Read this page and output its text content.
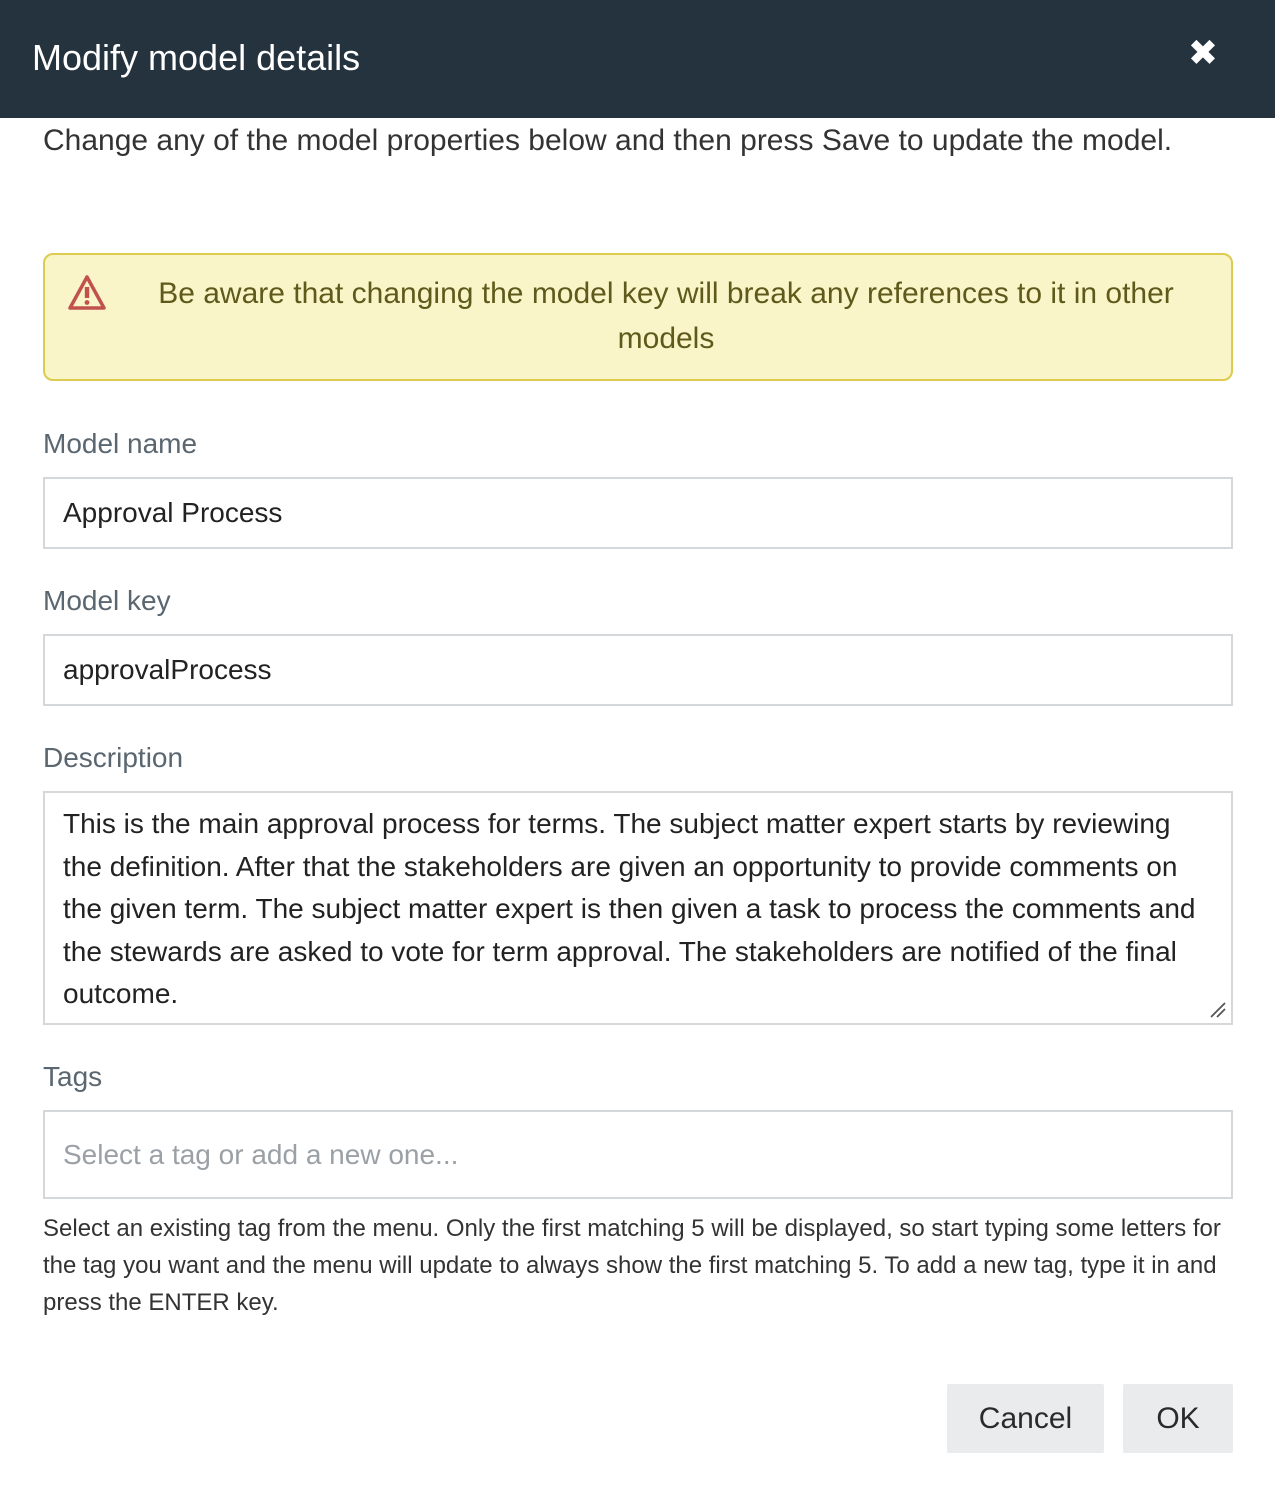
Modify model details	✖
Change any of the model properties below and then press Save to update the model.
Be aware that changing the model key will break any references to it in other models
Model name
Approval Process
Model key
approvalProcess
Description
This is the main approval process for terms. The subject matter expert starts by reviewing the definition. After that the stakeholders are given an opportunity to provide comments on the given term. The subject matter expert is then given a task to process the comments and the stewards are asked to vote for term approval. The stakeholders are notified of the final outcome.
Tags
Select a tag or add a new one...
Select an existing tag from the menu. Only the first matching 5 will be displayed, so start typing some letters for the tag you want and the menu will update to always show the first matching 5. To add a new tag, type it in and press the ENTER key.
Cancel	OK
